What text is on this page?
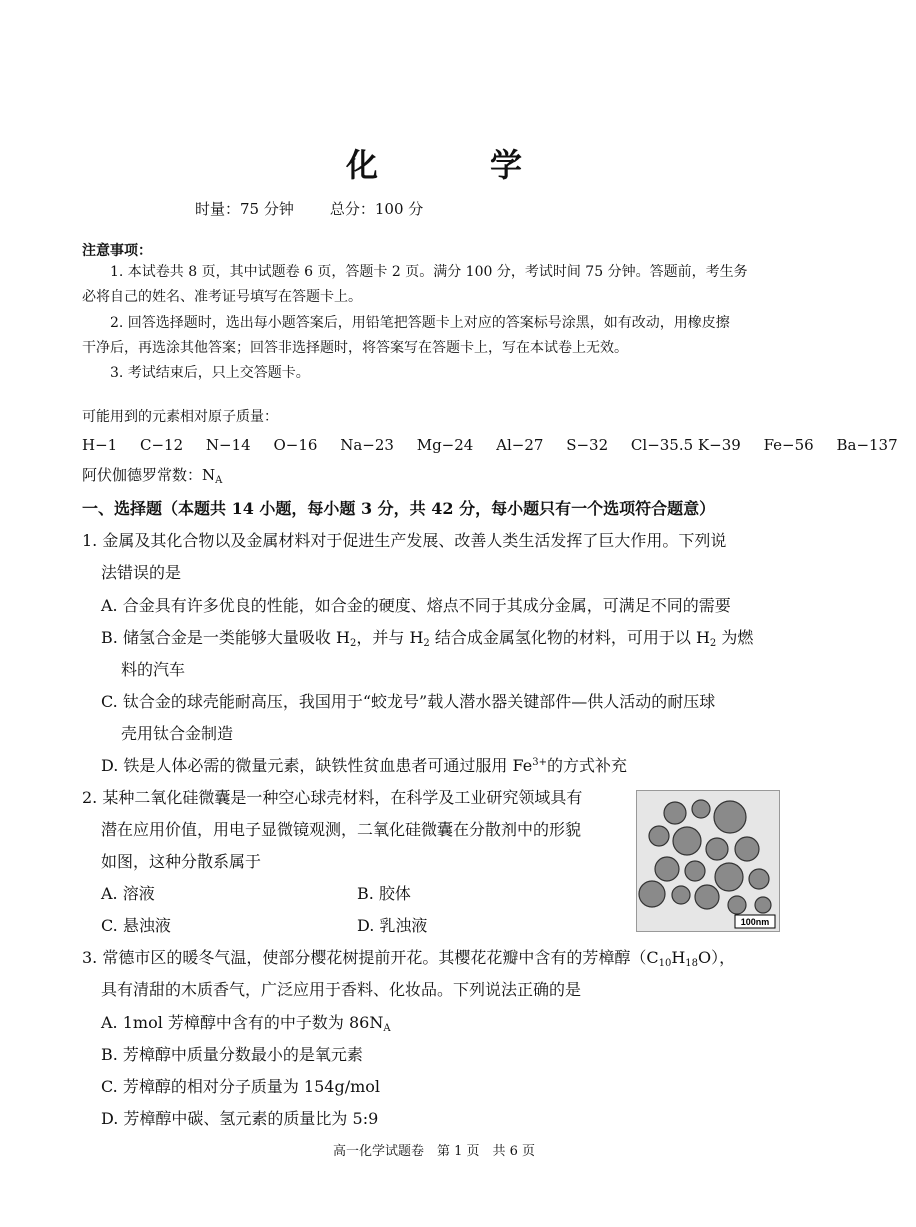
化　学
时量：75 分钟 总分：100 分
注意事项：
1. 本试卷共 8 页，其中试题卷 6 页，答题卡 2 页。满分 100 分，考试时间 75 分钟。答题前，考生务
必将自己的姓名、准考证号填写在答题卡上。
2. 回答选择题时，选出每小题答案后，用铅笔把答题卡上对应的答案标号涂黑，如有改动，用橡皮擦
干净后，再选涂其他答案；回答非选择题时，将答案写在答题卡上，写在本试卷上无效。
3. 考试结束后，只上交答题卡。
可能用到的元素相对原子质量：
H−1 C−12 N−14 O−16 Na−23 Mg−24 Al−27 S−32 Cl−35.5 K−39 Fe−56 Ba−137
阿伏伽德罗常数：$N_A$
一、选择题（本题共 14 小题，每小题 3 分，共 42 分，每小题只有一个选项符合题意）
1. 金属及其化合物以及金属材料对于促进生产发展、改善人类生活发挥了巨大作用。下列说
法错误的是
A. 合金具有许多优良的性能，如合金的硬度、熔点不同于其成分金属，可满足不同的需要
B. 储氢合金是一类能够大量吸收 $H_2$，并与 $H_2$ 结合成金属氢化物的材料，可用于以 $H_2$ 为燃
料的汽车
C. 钛合金的球壳能耐高压，我国用于“蛟龙号”载人潜水器关键部件—供人活动的耐压球
壳用钛合金制造
D. 铁是人体必需的微量元素，缺铁性贫血患者可通过服用 $Fe^{3+}$的方式补充
2. 某种二氧化硅微囊是一种空心球壳材料，在科学及工业研究领域具有
潜在应用价值，用电子显微镜观测，二氧化硅微囊在分散剂中的形貌
如图，这种分散系属于
A. 溶液	B. 胶体
C. 悬浊液	D. 乳浊液	100nm
3. 常德市区的暖冬气温，使部分樱花树提前开花。其樱花花瓣中含有的芳樟醇$(C_{10}H_{18}O)$，
具有清甜的木质香气，广泛应用于香料、化妆品。下列说法正确的是
A. 1mol 芳樟醇中含有的中子数为 $86N_A$
B. 芳樟醇中质量分数最小的是氧元素
C. 芳樟醇的相对分子质量为 154g/mol
D. 芳樟醇中碳、氢元素的质量比为 5:9
高一化学试题卷　第 1 页　共 6 页
